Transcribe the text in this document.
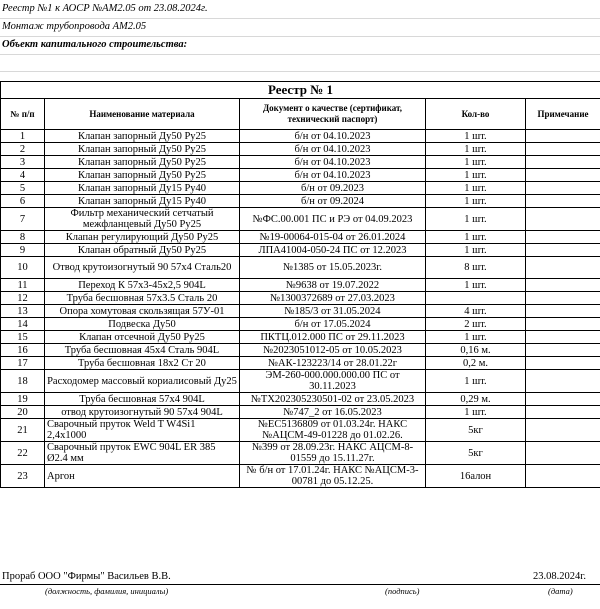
Реестр №1 к АОСР №АМ2.05 от 23.08.2024г.
Монтаж трубопровода АМ2.05
Объект капитального строительства:
Реестр № 1				
№ п/п	Наименование материала	Документ о качестве (сертификат, технический паспорт)	Кол-во	Примечание
1	Клапан запорный Ду50 Ру25	б/н от 04.10.2023	1 шт.	
2	Клапан запорный Ду50 Ру25	б/н от 04.10.2023	1 шт.	
3	Клапан запорный Ду50 Ру25	б/н от 04.10.2023	1 шт.	
4	Клапан запорный Ду50 Ру25	б/н от 04.10.2023	1 шт.	
5	Клапан запорный Ду15 Ру40	б/н от 09.2023	1 шт.	
6	Клапан запорный Ду15 Ру40	б/н от 09.2024	1 шт.	
7	Фильтр механический сетчатый межфланцевый Ду50 Ру25	№ФС.00.001 ПС и РЭ от 04.09.2023	1 шт.	
8	Клапан регулирующий Ду50 Ру25	№19-00064-015-04 от 26.01.2024	1 шт.	
9	Клапан обратный Ду50 Ру25	ЛПА41004-050-24 ПС от 12.2023	1 шт.	
10	Отвод крутоизогнутый 90 57х4 Сталь20	№1385 от 15.05.2023г.	8 шт.	
11	Переход К 57х3-45х2,5 904L	№9638 от 19.07.2022	1 шт.	
12	Труба бесшовная 57х3.5 Сталь 20	№1300372689 от 27.03.2023		
13	Опора хомутовая скользящая 57У-01	№185/3 от 31.05.2024	4 шт.	
14	Подвеска Ду50	б/н от 17.05.2024	2 шт.	
15	Клапан отсечной Ду50 Ру25	ПКТЦ.012.000 ПС от 29.11.2023	1 шт.	
16	Труба бесшовная 45х4 Сталь 904L	№2023051012-05 от 10.05.2023	0,16 м.	
17	Труба бесшовная 18х2 Ст 20	№АК-123223/14 от 28.01.22г	0,2 м.	
18	Расходомер массовый кориалисовый Ду25	ЭМ-260-000.000.000.00 ПС от 30.11.2023	1 шт.	
19	Труба бесшовная 57х4 904L	№TX202305230501-02 от 23.05.2023	0,29 м.	
20	отвод крутоизогнутый 90 57х4 904L	№747_2 от 16.05.2023	1 шт.	
21	Сварочный пруток Weld T W4Si1 2,4х1000	№ЕС5136809 от 01.03.24г. НАКС №АЦСМ-49-01228 до 01.02.26.	5кг	
22	Сварочный пруток EWC 904L ER 385 Ø2.4 мм	№399 от 28.09.23г. НАКС АЦСМ-8-01559 до 15.11.27г.	5кг	
23	Аргон	№ б/н от 17.01.24г. НАКС №АЦСМ-3-00781 до 05.12.25.	16алон	
Прораб ООО "Фирмы" Васильев В.В.	23.08.2024г.
(должность, фамилия, инициалы)	(подпись)	(дата)
